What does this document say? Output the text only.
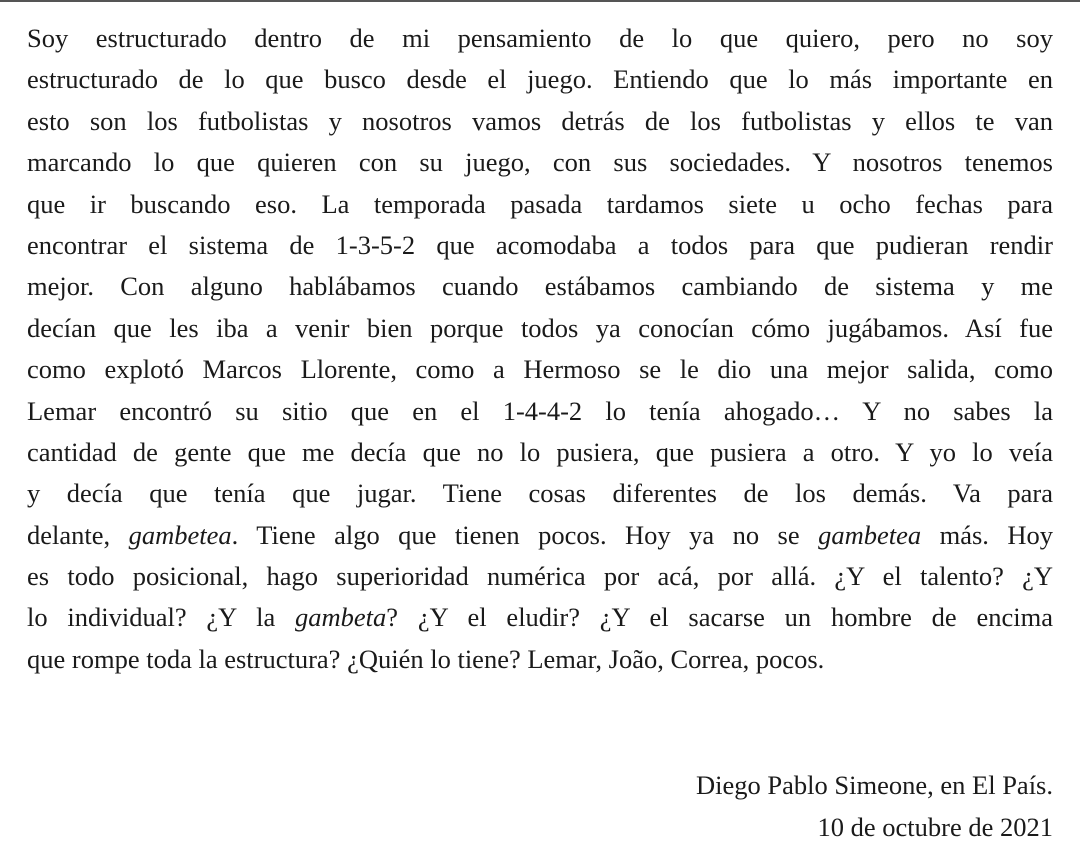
Soy estructurado dentro de mi pensamiento de lo que quiero, pero no soy
estructurado de lo que busco desde el juego. Entiendo que lo más importante en
esto son los futbolistas y nosotros vamos detrás de los futbolistas y ellos te van
marcando lo que quieren con su juego, con sus sociedades. Y nosotros tenemos
que ir buscando eso. La temporada pasada tardamos siete u ocho fechas para
encontrar el sistema de 1-3-5-2 que acomodaba a todos para que pudieran rendir
mejor. Con alguno hablábamos cuando estábamos cambiando de sistema y me
decían que les iba a venir bien porque todos ya conocían cómo jugábamos. Así fue
como explotó Marcos Llorente, como a Hermoso se le dio una mejor salida, como
Lemar encontró su sitio que en el 1-4-4-2 lo tenía ahogado… Y no sabes la
cantidad de gente que me decía que no lo pusiera, que pusiera a otro. Y yo lo veía
y decía que tenía que jugar. Tiene cosas diferentes de los demás. Va para
delante, gambetea. Tiene algo que tienen pocos. Hoy ya no se gambetea más. Hoy
es todo posicional, hago superioridad numérica por acá, por allá. ¿Y el talento? ¿Y
lo individual? ¿Y la gambeta? ¿Y el eludir? ¿Y el sacarse un hombre de encima
que rompe toda la estructura? ¿Quién lo tiene? Lemar, João, Correa, pocos.
Diego Pablo Simeone, en El País.
10 de octubre de 2021
